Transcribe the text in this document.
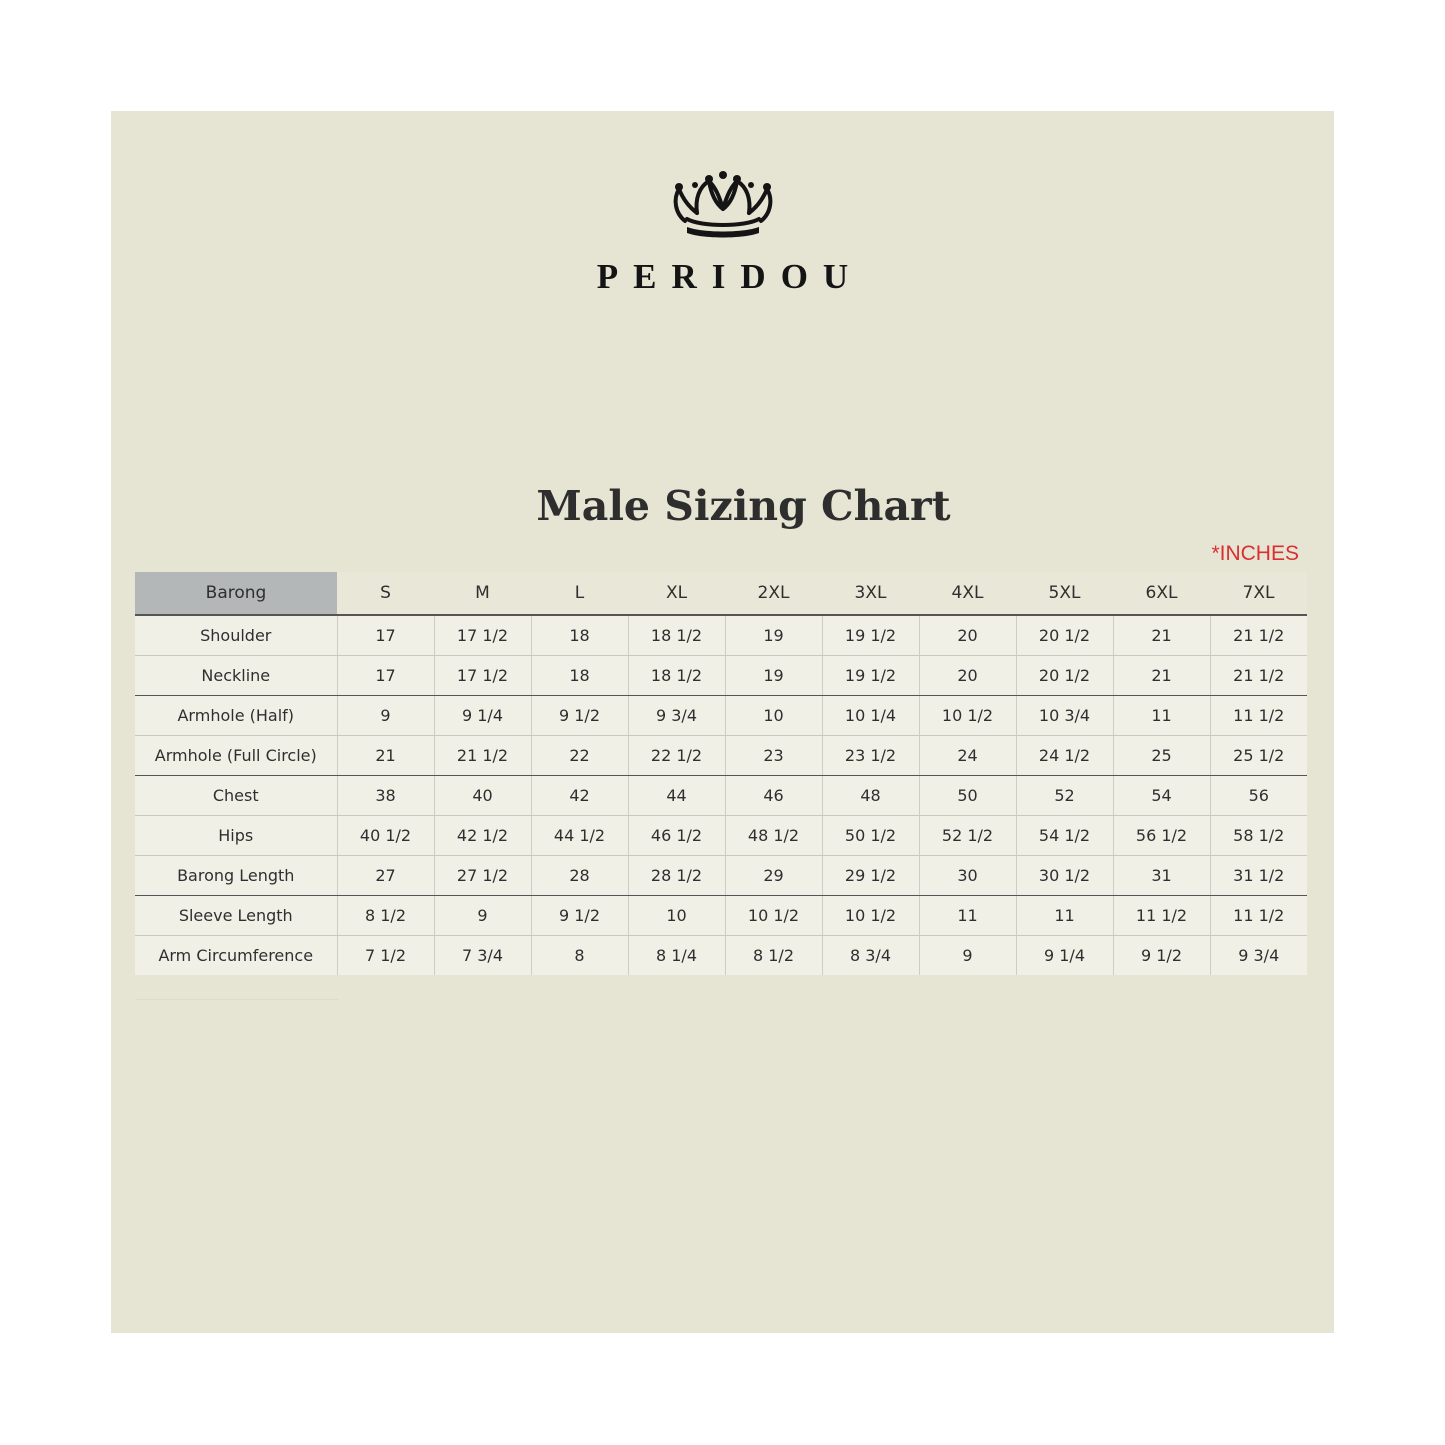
PERIDOU
Male Sizing Chart
*INCHES
Barong	S	M	L	XL	2XL	3XL	4XL	5XL	6XL	7XL
Shoulder	17	17 1/2	18	18 1/2	19	19 1/2	20	20 1/2	21	21 1/2
Neckline	17	17 1/2	18	18 1/2	19	19 1/2	20	20 1/2	21	21 1/2
Armhole (Half)	9	9 1/4	9 1/2	9 3/4	10	10 1/4	10 1/2	10 3/4	11	11 1/2
Armhole (Full Circle)	21	21 1/2	22	22 1/2	23	23 1/2	24	24 1/2	25	25 1/2
Chest	38	40	42	44	46	48	50	52	54	56
Hips	40 1/2	42 1/2	44 1/2	46 1/2	48 1/2	50 1/2	52 1/2	54 1/2	56 1/2	58 1/2
Barong Length	27	27 1/2	28	28 1/2	29	29 1/2	30	30 1/2	31	31 1/2
Sleeve Length	8 1/2	9	9 1/2	10	10 1/2	10 1/2	11	11	11 1/2	11 1/2
Arm Circumference	7 1/2	7 3/4	8	8 1/4	8 1/2	8 3/4	9	9 1/4	9 1/2	9 3/4
